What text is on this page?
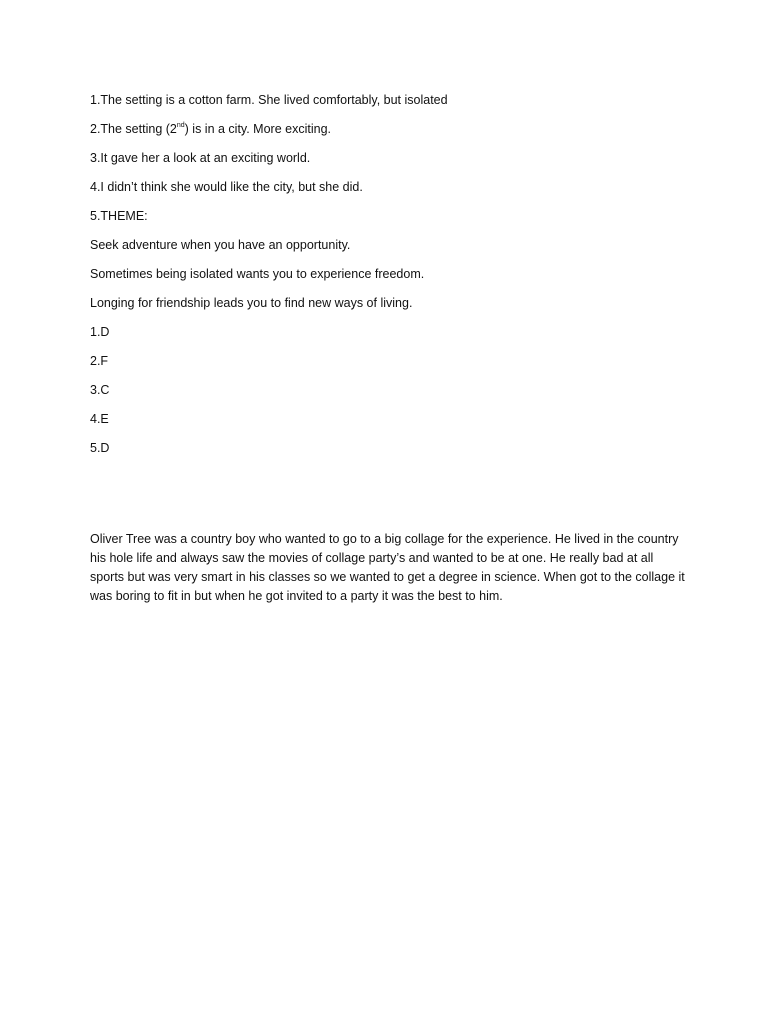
1.The setting is a cotton farm. She lived comfortably, but isolated

2.The setting (2nd) is in a city. More exciting.

3.It gave her a look at an exciting world.

4.I didn’t think she would like the city, but she did.

5.THEME:

Seek adventure when you have an opportunity.

Sometimes being isolated wants you to experience freedom.

Longing for friendship leads you to find new ways of living.

1.D

2.F

3.C

4.E

5.D

Oliver Tree was a country boy who wanted to go to a big collage for the experience. He lived in the country his hole life and always saw the movies of collage party’s and wanted to be at one. He really bad at all sports but was very smart in his classes so we wanted to get a degree in science. When got to the collage it was boring to fit in but when he got invited to a party it was the best to him.
